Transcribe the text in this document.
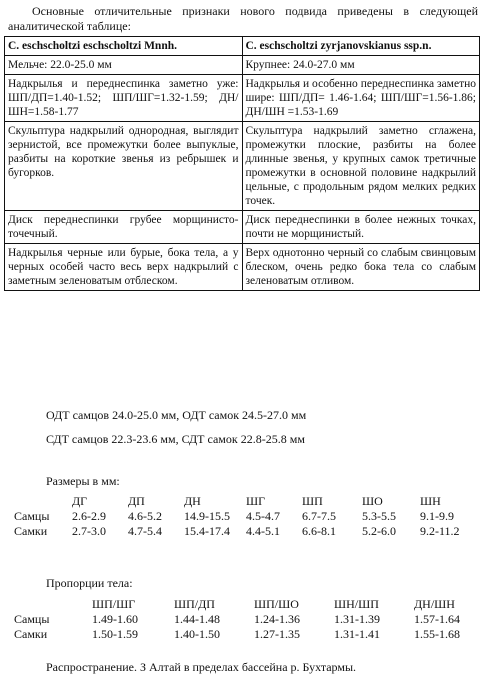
Основные отличительные признаки нового подвида приведены в следующей аналитической таблице:
C. eschscholtzi eschscholtzi Mnnh.	C. eschscholtzi zyrjanovskianus ssp.n.
Мельче: 22.0-25.0 мм	Крупнее: 24.0-27.0 мм
Надкрылья и переднеспинка заметно уже: ШП/ДП=1.40-1.52; ШП/ШГ=1.32-1.59; ДН/ШН=1.58-1.77	Надкрылья и особенно переднеспинка заметно шире: ШП/ДП= 1.46-1.64; ШП/ШГ=1.56-1.86; ДН/ШН =1.53-1.69
Скульптура надкрылий однородная, выглядит зернистой, все промежутки более выпуклые, разбиты на короткие звенья из ребрышек и бугорков.	Скульптура надкрылий заметно сглажена, промежутки плоские, разбиты на более длинные звенья, у крупных самок третичные промежутки в основной половине надкрылий цельные, с продольным рядом мелких редких точек.
Диск переднеспинки грубее морщинисто-точечный.	Диск переднеспинки в более нежных точках, почти не морщинистый.
Надкрылья черные или бурые, бока тела, а у черных особей часто весь верх надкрылий с заметным зеленоватым отблеском.	Верх однотонно черный со слабым свинцовым блеском, очень редко бока тела со слабым зеленоватым отливом.
ОДТ самцов 24.0-25.0 мм, ОДТ самок 24.5-27.0 мм
СДТ самцов 22.3-23.6 мм, СДТ самок 22.8-25.8 мм
Размеры в мм:
	ДГ	ДП	ДН	ШГ	ШП	ШО	ШН
Самцы	2.6-2.9	4.6-5.2	14.9-15.5	4.5-4.7	6.7-7.5	5.3-5.5	9.1-9.9
Самки	2.7-3.0	4.7-5.4	15.4-17.4	4.4-5.1	6.6-8.1	5.2-6.0	9.2-11.2
Пропорции тела:
	ШП/ШГ	ШП/ДП	ШП/ШО	ШН/ШП	ДН/ШН
Самцы	1.49-1.60	1.44-1.48	1.24-1.36	1.31-1.39	1.57-1.64
Самки	1.50-1.59	1.40-1.50	1.27-1.35	1.31-1.41	1.55-1.68
Распространение. З Алтай в пределах бассейна р. Бухтармы.
